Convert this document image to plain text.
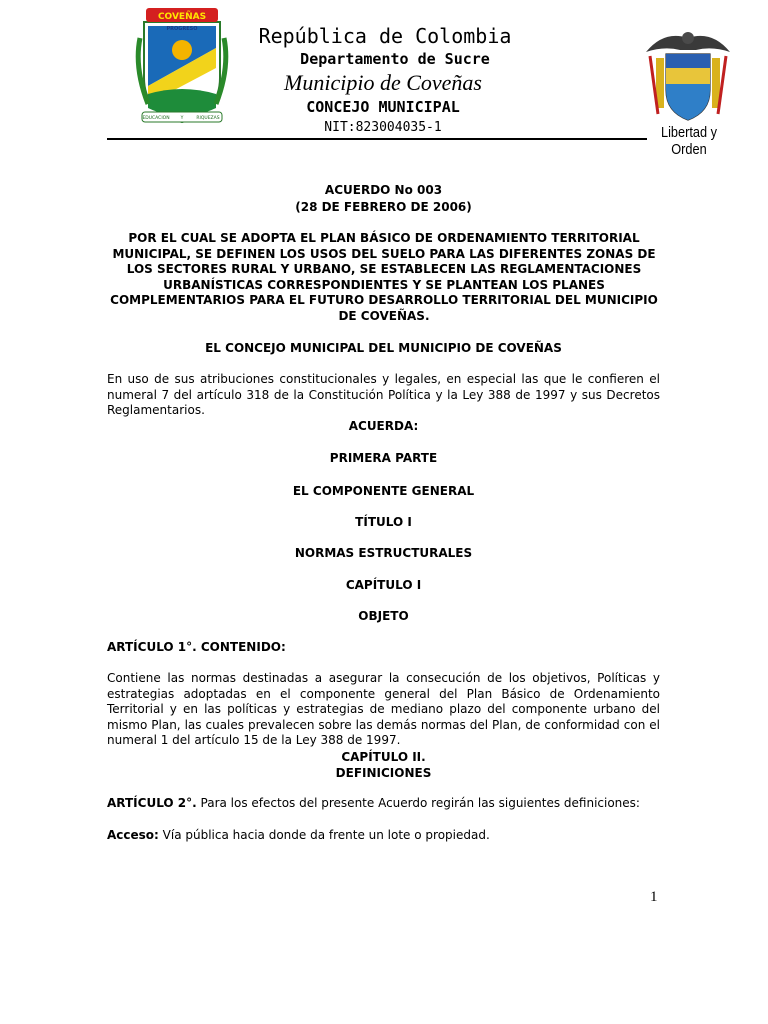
COVEÑAS
PROGRESO
EDUCACION Y	RIQUEZAS
República de Colombia
Departamento de Sucre
Municipio de Coveñas
CONCEJO MUNICIPAL
NIT:823004035-1	Libertad y Orden
ACUERDO No 003
(28 DE FEBRERO DE 2006)
POR EL CUAL SE ADOPTA EL PLAN BÁSICO DE ORDENAMIENTO TERRITORIAL MUNICIPAL, SE DEFINEN LOS USOS DEL SUELO PARA LAS DIFERENTES ZONAS DE LOS SECTORES RURAL Y URBANO, SE ESTABLECEN LAS REGLAMENTACIONES URBANÍSTICAS CORRESPONDIENTES Y SE PLANTEAN LOS PLANES COMPLEMENTARIOS PARA EL FUTURO DESARROLLO TERRITORIAL DEL MUNICIPIO DE COVEÑAS.
EL CONCEJO MUNICIPAL DEL MUNICIPIO DE COVEÑAS
En uso de sus atribuciones constitucionales y legales, en especial las que le confieren el numeral 7 del artículo 318 de la Constitución Política y la Ley 388 de 1997 y sus Decretos Reglamentarios.
ACUERDA:
PRIMERA PARTE
EL COMPONENTE GENERAL
TÍTULO I
NORMAS ESTRUCTURALES
CAPÍTULO I
OBJETO
ARTÍCULO 1°. CONTENIDO:
Contiene las normas destinadas a asegurar la consecución de los objetivos, Políticas y estrategias adoptadas en el componente general del Plan Básico de Ordenamiento Territorial y en las políticas y estrategias de mediano plazo del componente urbano del mismo Plan, las cuales prevalecen sobre las demás normas del Plan, de conformidad con el numeral 1 del artículo 15 de la Ley 388 de 1997.
CAPÍTULO II.
DEFINICIONES
ARTÍCULO 2°. Para los efectos del presente Acuerdo regirán las siguientes definiciones:
Acceso: Vía pública hacia donde da frente un lote o propiedad.
1
